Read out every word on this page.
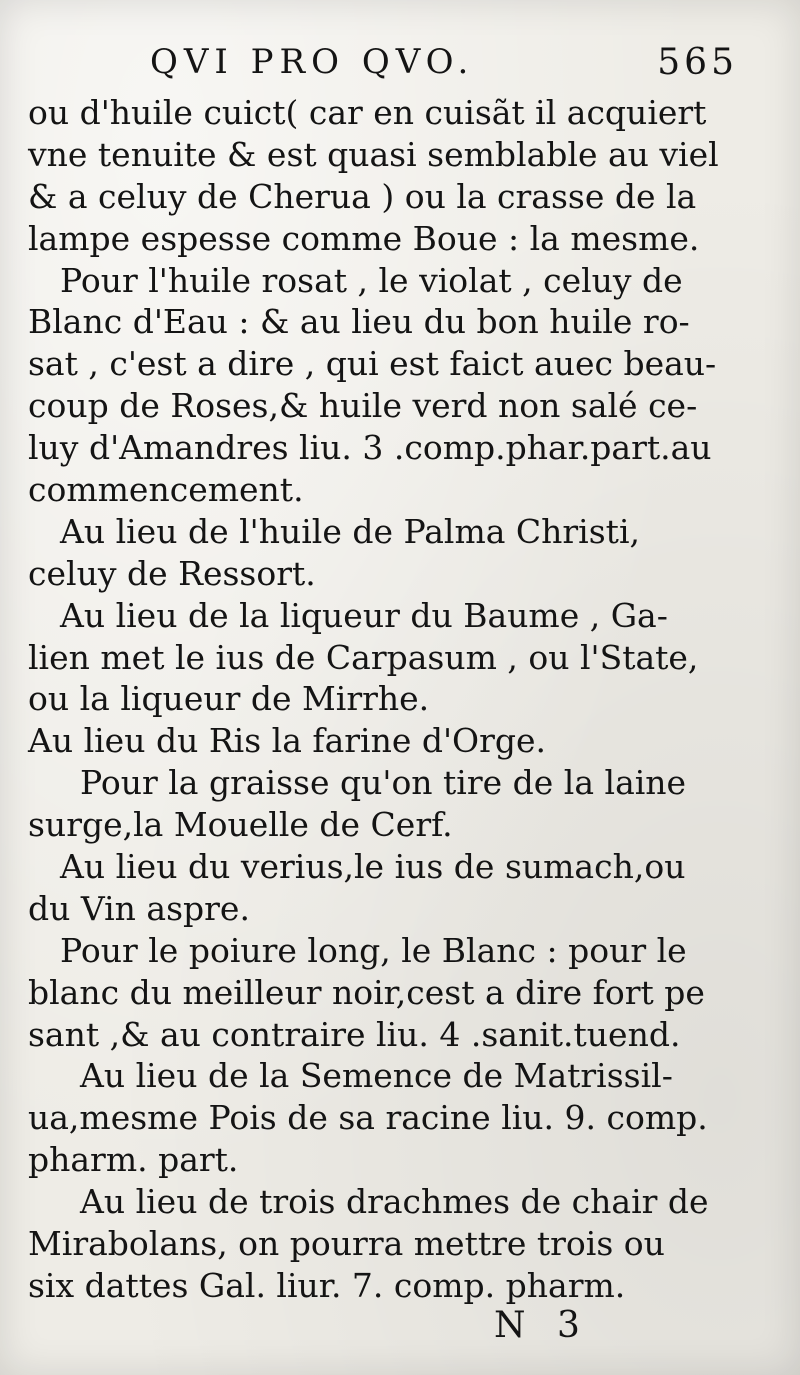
QVI PRO QVO.	565
ou d'huile cuict( car en cuisãt il acquiert
vne tenuite & est quasi semblable au viel
& a celuy de Cherua ) ou la crasse de la
lampe espesse comme Boue : la mesme.
Pour l'huile rosat , le violat , celuy de
Blanc d'Eau : & au lieu du bon huile ro-
sat , c'est a dire , qui est faict auec beau-
coup de Roses,& huile verd non salé ce-
luy d'Amandres liu. 3 .comp.phar.part.au
commencement.
Au lieu de l'huile de Palma Christi,
celuy de Ressort.
Au lieu de la liqueur du Baume , Ga-
lien met le ius de Carpasum , ou l'State,
ou la liqueur de Mirrhe.
Au lieu du Ris la farine d'Orge.
Pour la graisse qu'on tire de la laine
surge,la Mouelle de Cerf.
Au lieu du verius,le ius de sumach,ou
du Vin aspre.
Pour le poiure long, le Blanc : pour le
blanc du meilleur noir,cest a dire fort pe
sant ,& au contraire liu. 4 .sanit.tuend.
Au lieu de la Semence de Matrissil-
ua,mesme Pois de sa racine liu. 9. comp.
pharm. part.
Au lieu de trois drachmes de chair de
Mirabolans, on pourra mettre trois ou
six dattes Gal. liur. 7. comp. pharm.
N 3
